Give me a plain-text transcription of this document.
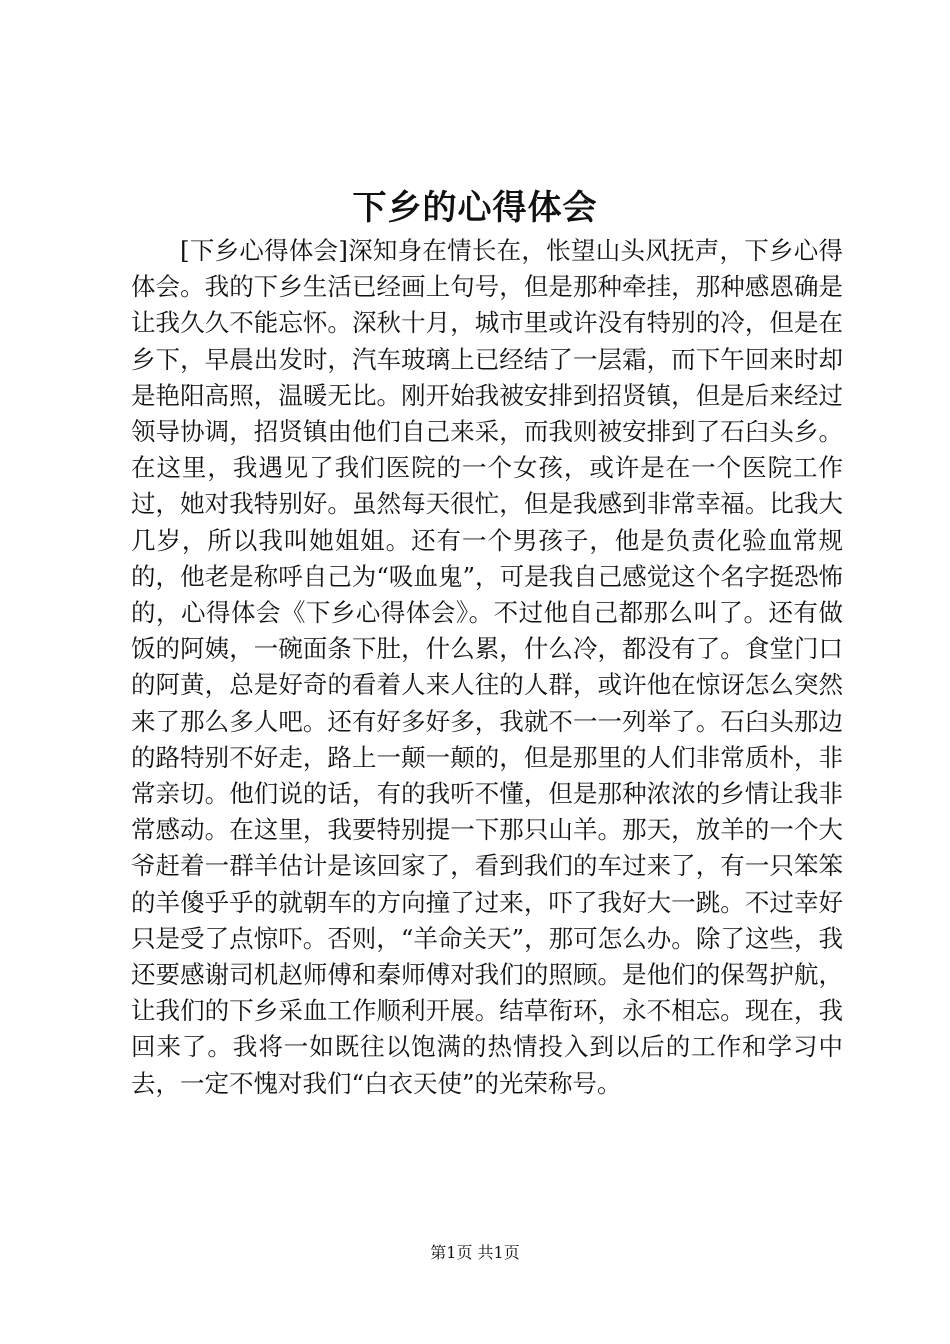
下乡的心得体会

[下乡心得体会]深知身在情长在，怅望山头风抚声，下乡心得体会。我的下乡生活已经画上句号，但是那种牵挂，那种感恩确是让我久久不能忘怀。深秋十月，城市里或许没有特别的冷，但是在乡下，早晨出发时，汽车玻璃上已经结了一层霜，而下午回来时却是艳阳高照，温暖无比。刚开始我被安排到招贤镇，但是后来经过领导协调，招贤镇由他们自己来采，而我则被安排到了石臼头乡。在这里，我遇见了我们医院的一个女孩，或许是在一个医院工作过，她对我特别好。虽然每天很忙，但是我感到非常幸福。比我大几岁，所以我叫她姐姐。还有一个男孩子，他是负责化验血常规的，他老是称呼自己为“吸血鬼”，可是我自己感觉这个名字挺恐怖的，心得体会《下乡心得体会》。不过他自己都那么叫了。还有做饭的阿姨，一碗面条下肚，什么累，什么冷，都没有了。食堂门口的阿黄，总是好奇的看着人来人往的人群，或许他在惊讶怎么突然来了那么多人吧。还有好多好多，我就不一一列举了。石臼头那边的路特别不好走，路上一颠一颠的，但是那里的人们非常质朴，非常亲切。他们说的话，有的我听不懂，但是那种浓浓的乡情让我非常感动。在这里，我要特别提一下那只山羊。那天，放羊的一个大爷赶着一群羊估计是该回家了，看到我们的车过来了，有一只笨笨的羊傻乎乎的就朝车的方向撞了过来，吓了我好大一跳。不过幸好只是受了点惊吓。否则，“羊命关天”，那可怎么办。除了这些，我还要感谢司机赵师傅和秦师傅对我们的照顾。是他们的保驾护航，让我们的下乡采血工作顺利开展。结草衔环，永不相忘。现在，我回来了。我将一如既往以饱满的热情投入到以后的工作和学习中去，一定不愧对我们“白衣天使”的光荣称号。

第1页 共1页
